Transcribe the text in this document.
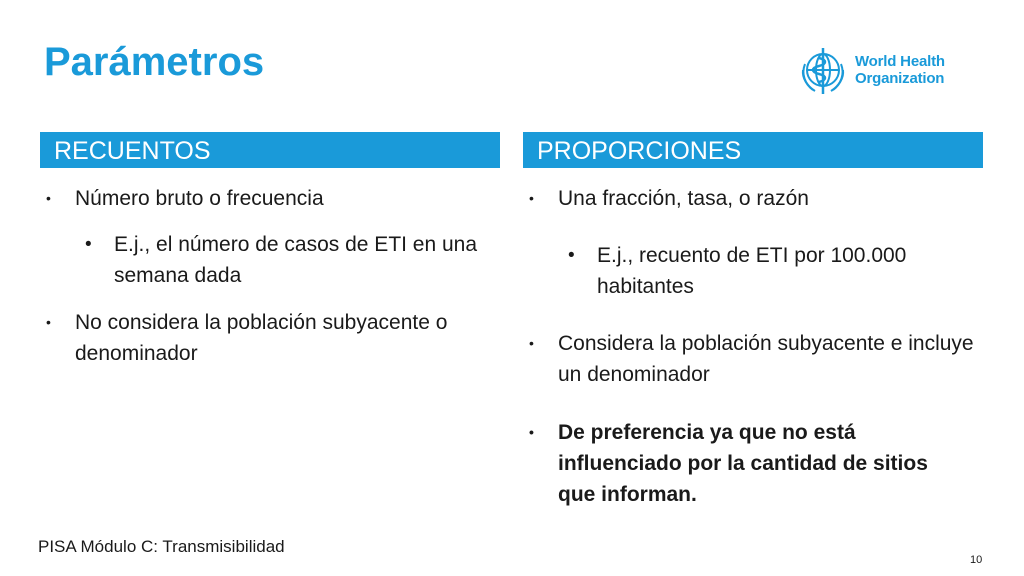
Parámetros	World Health
Organization
RECUENTOS	PROPORCIONES
• Número bruto o frecuencia
• E.j., el número de casos de ETI en una semana dada
• No considera la población subyacente o denominador
• Una fracción, tasa, o razón
• E.j., recuento de ETI por 100.000 habitantes
• Considera la población subyacente e incluye un denominador
• De preferencia ya que no está influenciado por la cantidad de sitios que informan.
PISA Módulo C: Transmisibilidad
10
